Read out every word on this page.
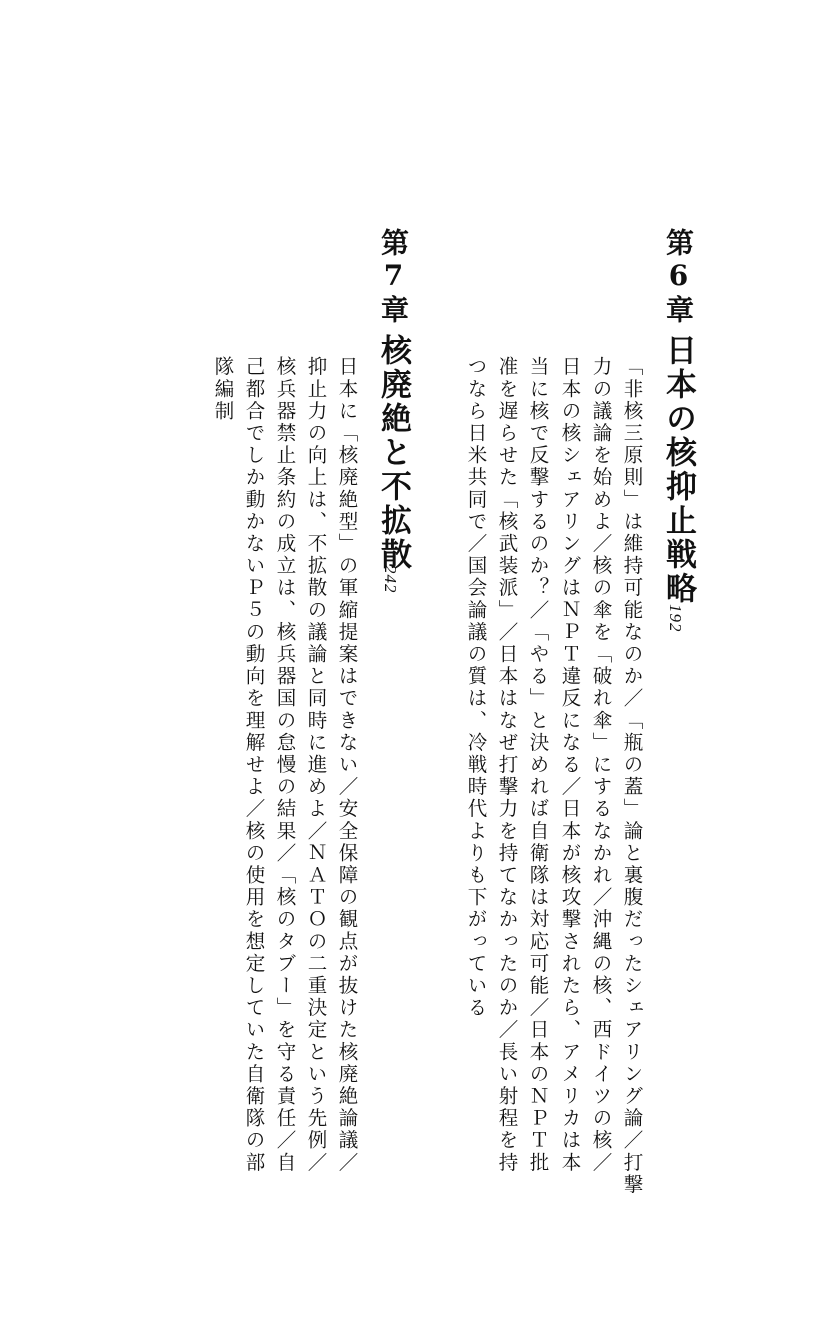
第6章
日本の核抑止戦略
192
「非核三原則」は維持可能なのか／「瓶の蓋」論と裏腹だったシェアリング論／打撃
力の議論を始めよ／核の傘を「破れ傘」にするなかれ／沖縄の核、西ドイツの核／
日本の核シェアリングはＮＰＴ違反になる／日本が核攻撃されたら、アメリカは本
当に核で反撃するのか？／「やる」と決めれば自衛隊は対応可能／日本のＮＰＴ批
准を遅らせた「核武装派」／日本はなぜ打撃力を持てなかったのか／長い射程を持
つなら日米共同で／国会論議の質は、冷戦時代よりも下がっている
第7章
核廃絶と不拡散
242
日本に「核廃絶型」の軍縮提案はできない／安全保障の観点が抜けた核廃絶論議／
抑止力の向上は、不拡散の議論と同時に進めよ／ＮＡＴＯの二重決定という先例／
核兵器禁止条約の成立は、核兵器国の怠慢の結果／「核のタブー」を守る責任／自
己都合でしか動かないＰ５の動向を理解せよ／核の使用を想定していた自衛隊の部
隊編制
